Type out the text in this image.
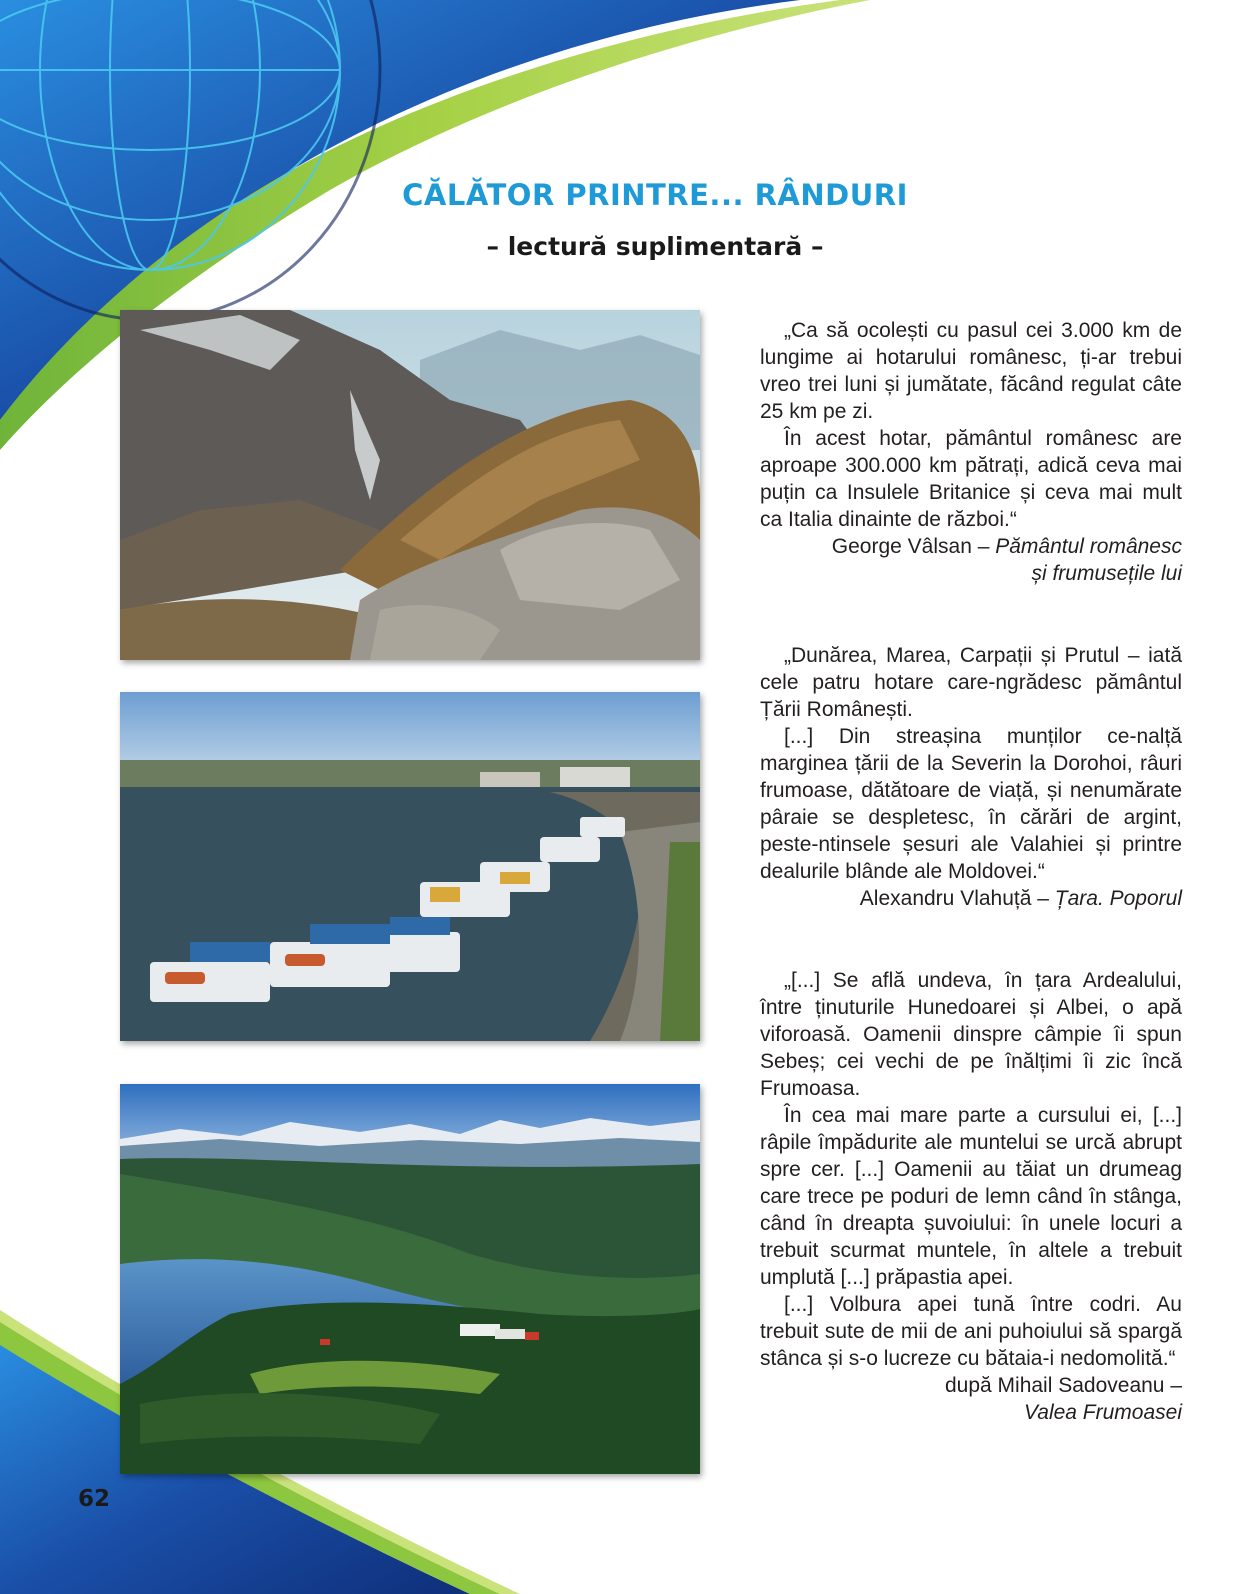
CĂLĂTOR PRINTRE... RÂNDURI
– lectură suplimentară –

„Ca să ocolești cu pasul cei 3.000 km de lungime ai hotarului românesc, ți-ar trebui vreo trei luni și jumătate, făcând regulat câte 25 km pe zi.

În acest hotar, pământul românesc are aproape 300.000 km pătrați, adică ceva mai puțin ca Insulele Britanice și ceva mai mult ca Italia dinainte de război.“

George Vâlsan – Pământul românesc

și frumusețile lui

„Dunărea, Marea, Carpații și Prutul – iată cele patru hotare care-ngrădesc pământul Țării Românești.

[...] Din streașina munților ce-nalță marginea țării de la Severin la Dorohoi, râuri frumoase, dătătoare de viață, și nenumărate pâraie se despletesc, în cărări de argint, peste-ntinsele șesuri ale Valahiei și printre dealurile blânde ale Moldovei.“

Alexandru Vlahuță – Țara. Poporul

„[...] Se află undeva, în țara Ardealului, între ținuturile Hunedoarei și Albei, o apă viforoasă. Oamenii dinspre câmpie îi spun Sebeș; cei vechi de pe înălțimi îi zic încă Frumoasa.

În cea mai mare parte a cursului ei, [...] râpile împădurite ale muntelui se urcă abrupt spre cer. [...] Oamenii au tăiat un drumeag care trece pe poduri de lemn când în stânga, când în dreapta șuvoiului: în unele locuri a trebuit scurmat muntele, în altele a trebuit umplută [...] prăpastia apei.

[...] Volbura apei tună între codri. Au trebuit sute de mii de ani puhoiului să spargă stânca și s-o lucreze cu bătaia-i nedomolită.“

după Mihail Sadoveanu –

Valea Frumoasei

62
